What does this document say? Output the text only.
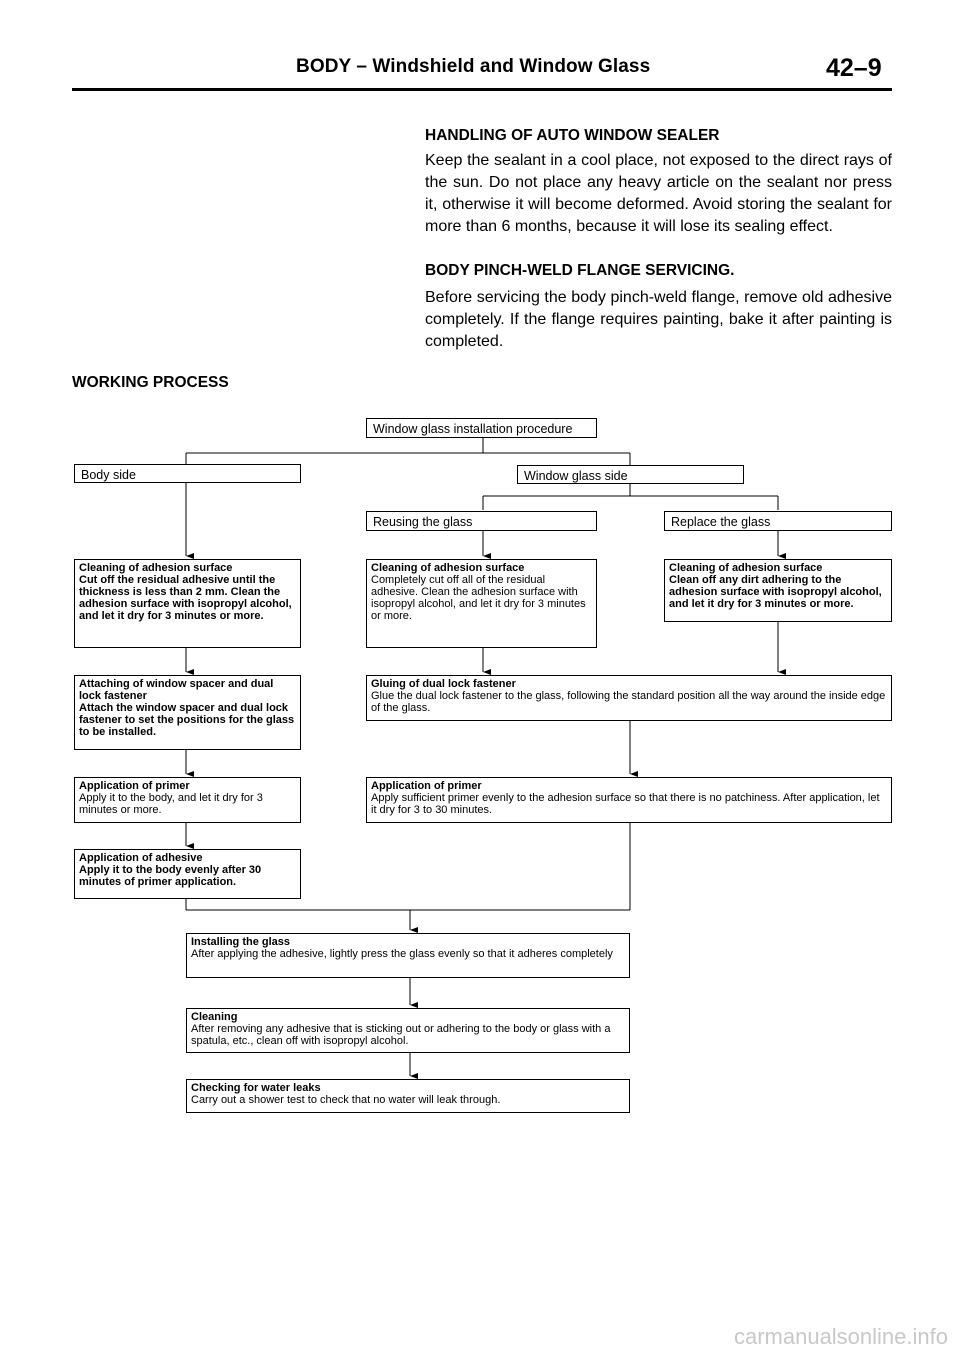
BODY – Windshield and Window Glass	42–9
HANDLING OF AUTO WINDOW SEALER
Keep the sealant in a cool place, not exposed to the direct rays of the sun. Do not place any heavy article on the sealant nor press it, otherwise it will become deformed. Avoid storing the sealant for more than 6 months, because it will lose its sealing effect.
BODY PINCH-WELD FLANGE SERVICING.
Before servicing the body pinch-weld flange, remove old adhesive completely. If the flange requires painting, bake it after painting is completed.
WORKING PROCESS
Window glass installation procedure
Body side	Window glass side
Reusing the glass	Replace the glass
Cleaning of adhesion surface
Cut off the residual adhesive until the thickness is less than 2 mm. Clean the adhesion surface with isopropyl alcohol, and let it dry for 3 minutes or more.
Cleaning of adhesion surface
Completely cut off all of the residual adhesive. Clean the adhesion surface with isopropyl alcohol, and let it dry for 3 minutes or more.
Cleaning of adhesion surface
Clean off any dirt adhering to the adhesion surface with isopropyl alcohol, and let it dry for 3 minutes or more.
Attaching of window spacer and dual lock fastener
Attach the window spacer and dual lock fastener to set the positions for the glass to be installed.
Gluing of dual lock fastener
Glue the dual lock fastener to the glass, following the standard position all the way around the inside edge of the glass.
Application of primer
Apply it to the body, and let it dry for 3 minutes or more.
Application of primer
Apply sufficient primer evenly to the adhesion surface so that there is no patchiness. After application, let it dry for 3 to 30 minutes.
Application of adhesive
Apply it to the body evenly after 30 minutes of primer application.
Installing the glass
After applying the adhesive, lightly press the glass evenly so that it adheres completely
Cleaning
After removing any adhesive that is sticking out or adhering to the body or glass with a spatula, etc., clean off with isopropyl alcohol.
Checking for water leaks
Carry out a shower test to check that no water will leak through.
carmanualsonline.info
